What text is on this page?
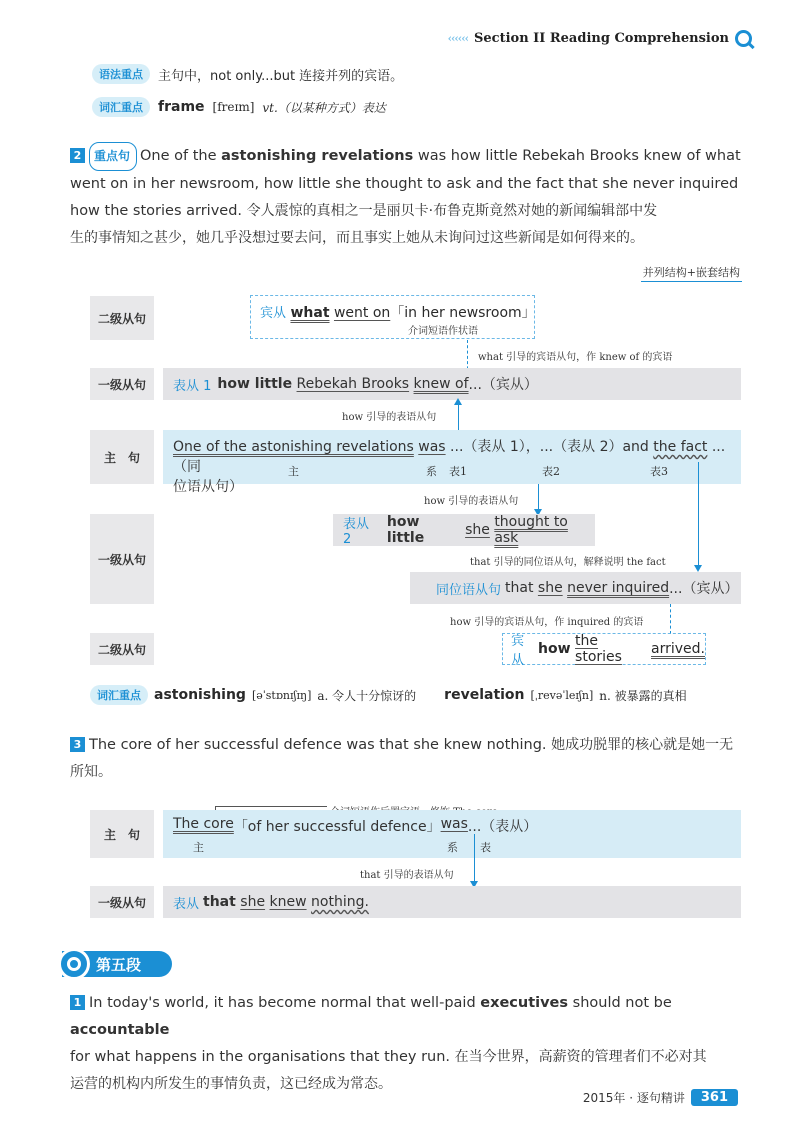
‹‹‹‹‹‹ Section II Reading Comprehension
语法重点	主句中，not only...but 连接并列的宾语。
词汇重点	frame [freɪm] vt.（以某种方式）表达
2 重点句 One of the astonishing revelations was how little Rebekah Brooks knew of what
went on in her newsroom, how little she thought to ask and the fact that she never inquired
how the stories arrived. 令人震惊的真相之一是丽贝卡·布鲁克斯竟然对她的新闻编辑部中发
生的事情知之甚少，她几乎没想过要去问，而且事实上她从未询问过这些新闻是如何得来的。
并列结构+嵌套结构
二级从句	宾从 what went on「in her newsroom」
介词短语作状语
what 引导的宾语从句，作 knew of 的宾语
一级从句	表从 1 how little
Rebekah Brooks
knew of ...（宾从）
how 引导的表语从句
主　句
One of the astonishing revelations was ...（表从 1），...（表从 2）and the fact ...（同
位语从句）
主	系 表1	表2	表3
how 引导的表语从句
一级从句
表从 2
how little
	she
thought to ask
that 引导的同位语从句，解释说明 the fact
同位语从句 that
she
never inquired ...（宾从）
how 引导的宾语从句，作 inquired 的宾语
二级从句
宾从
how
the stories
	arrived.
词汇重点 astonishing [əˈstɒnɪʃɪŋ] a. 令人十分惊讶的 revelation [ˌrevəˈleɪʃn] n. 被暴露的真相
3 The core of her successful defence was that she knew nothing. 她成功脱罪的核心就是她一无
所知。
主　句
The core 「of her successful defence」 was ...（表从）
主	系 表
that 引导的表语从句
一级从句	表从 that
she
knew
nothing.
第五段
1 In today's world, it has become normal that well-paid executives should not be accountable
for what happens in the organisations that they run. 在当今世界，高薪资的管理者们不必对其
运营的机构内所发生的事情负责，这已经成为常态。
2015年 · 逐句精讲	361
